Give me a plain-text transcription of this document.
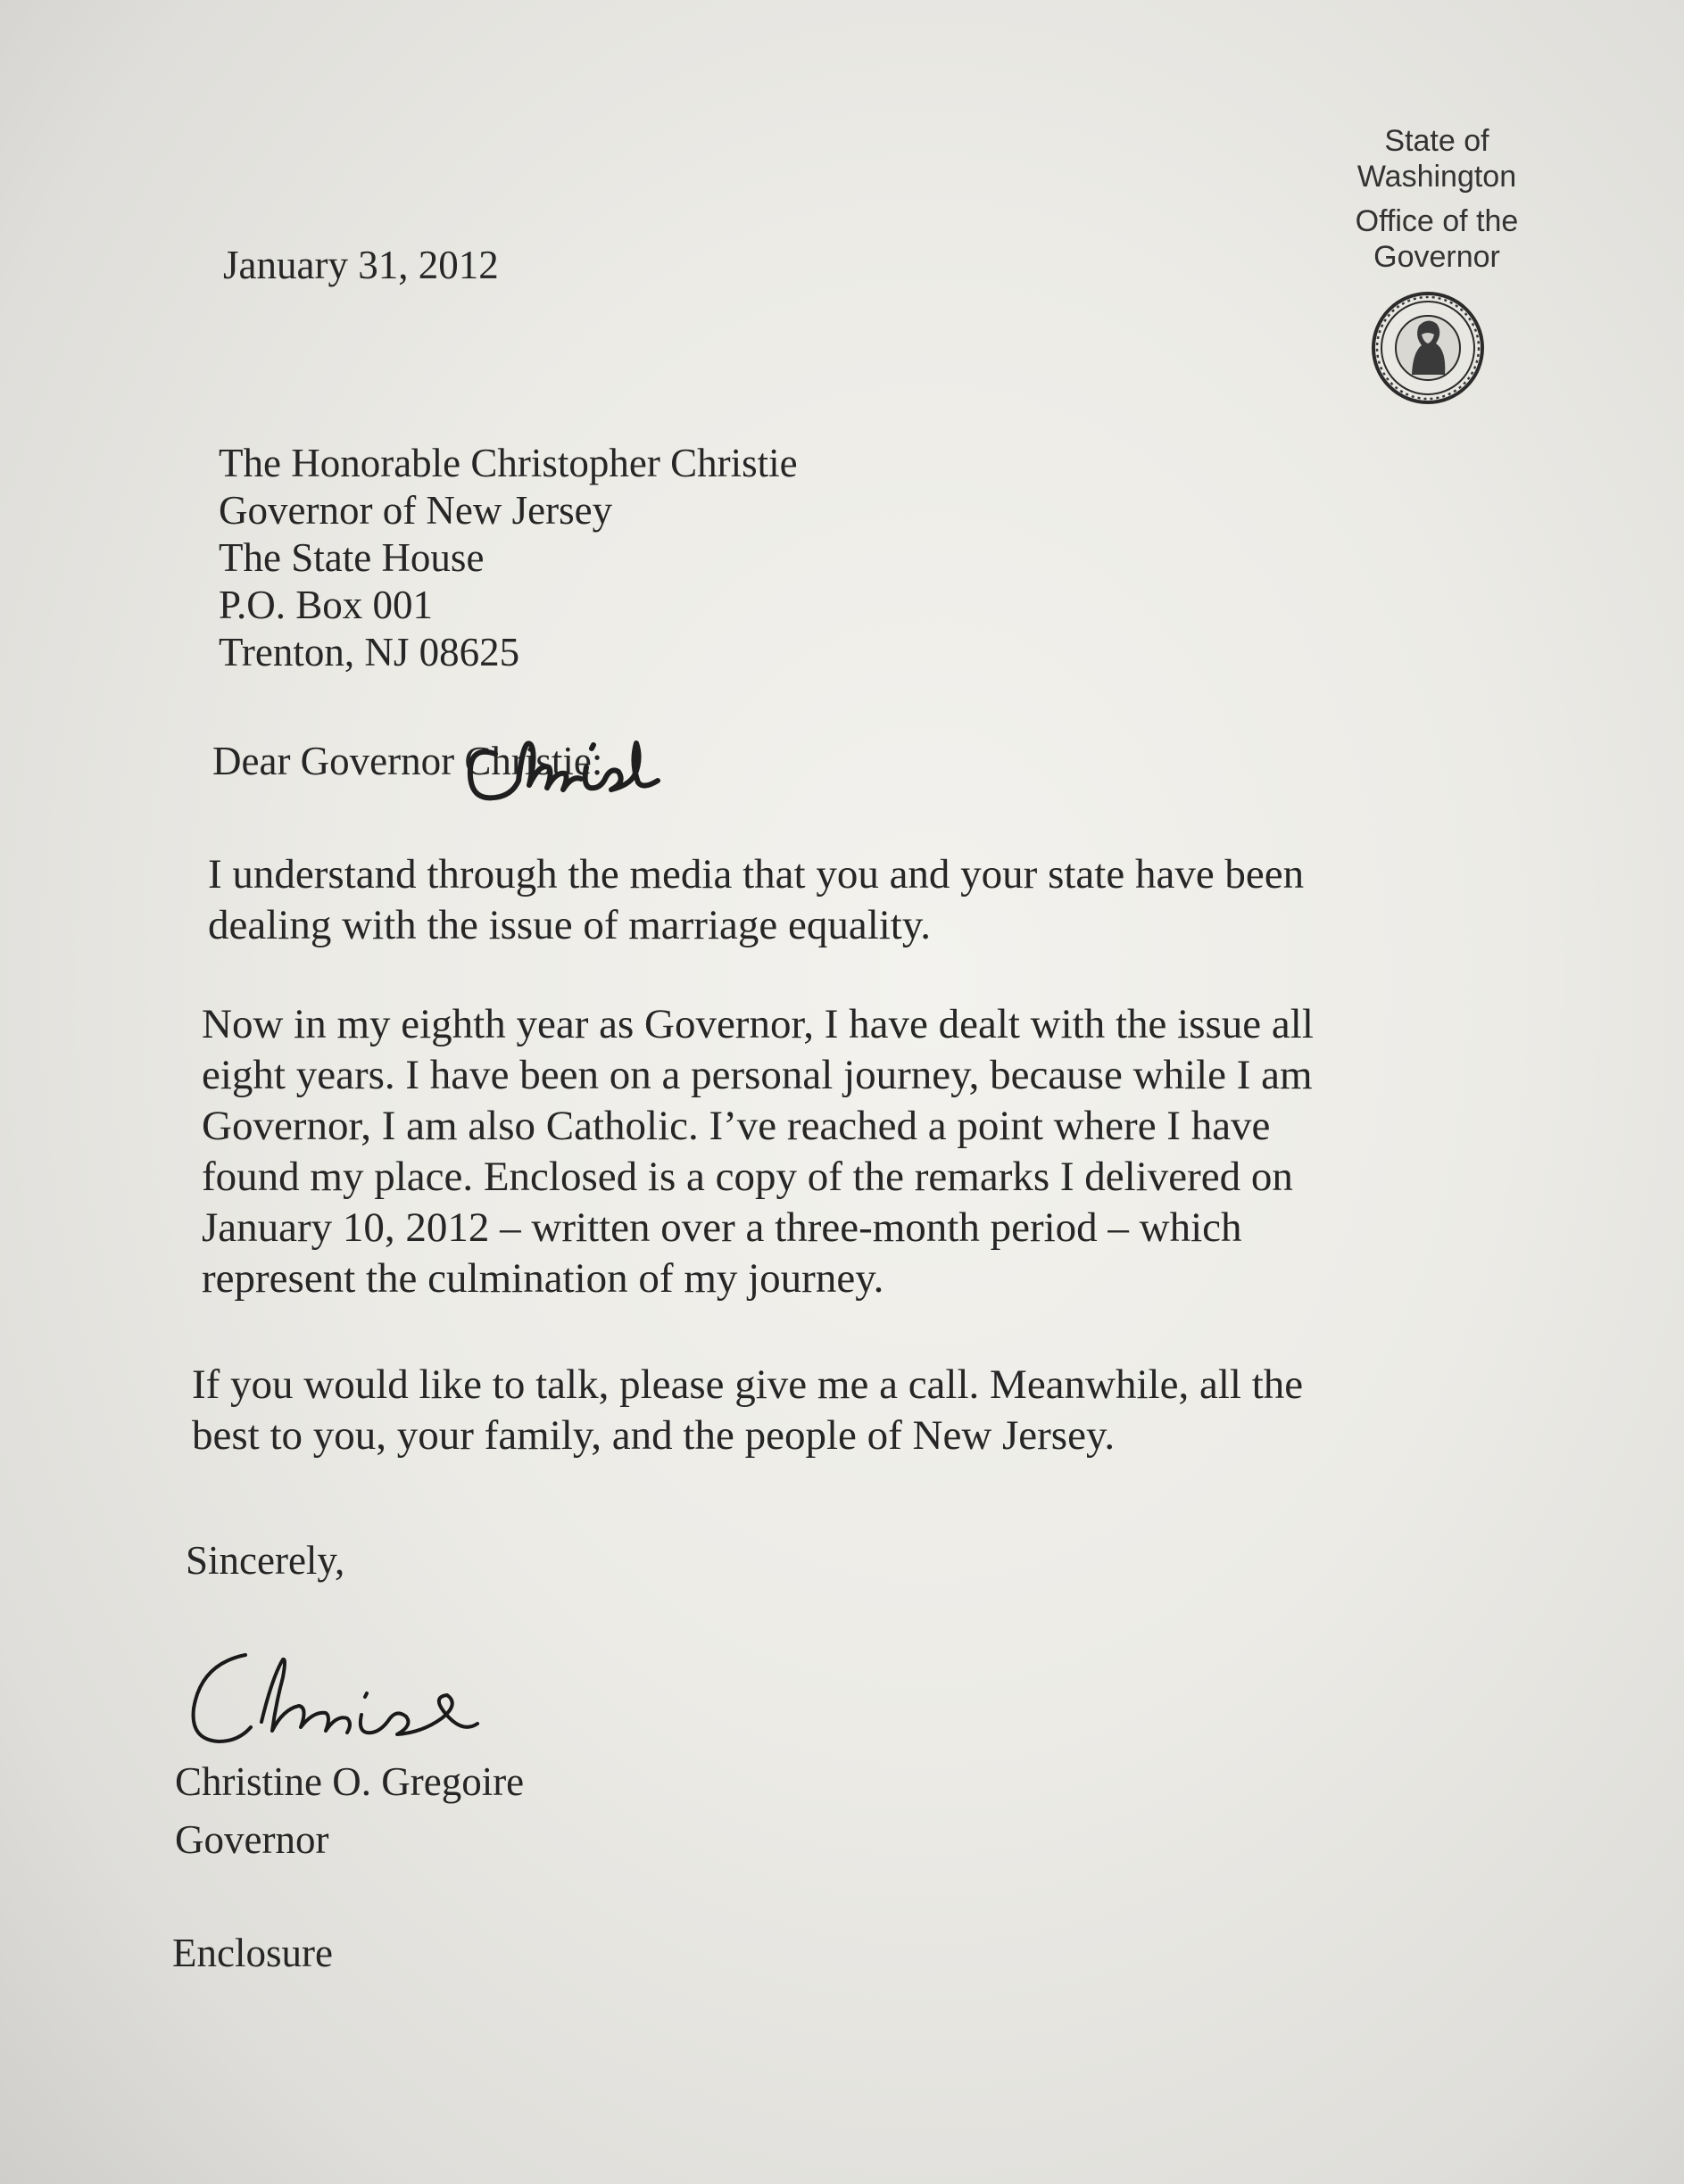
State of
Washington
Office of the
Governor
January 31, 2012
The Honorable Christopher Christie
Governor of New Jersey
The State House
P.O. Box 001
Trenton, NJ 08625
Dear Governor Christie:
I understand through the media that you and your state have been
dealing with the issue of marriage equality.
Now in my eighth year as Governor, I have dealt with the issue all
eight years. I have been on a personal journey, because while I am
Governor, I am also Catholic. I’ve reached a point where I have
found my place. Enclosed is a copy of the remarks I delivered on
January 10, 2012 – written over a three-month period – which
represent the culmination of my journey.
If you would like to talk, please give me a call. Meanwhile, all the
best to you, your family, and the people of New Jersey.
Sincerely,
Christine O. Gregoire
Governor
Enclosure
